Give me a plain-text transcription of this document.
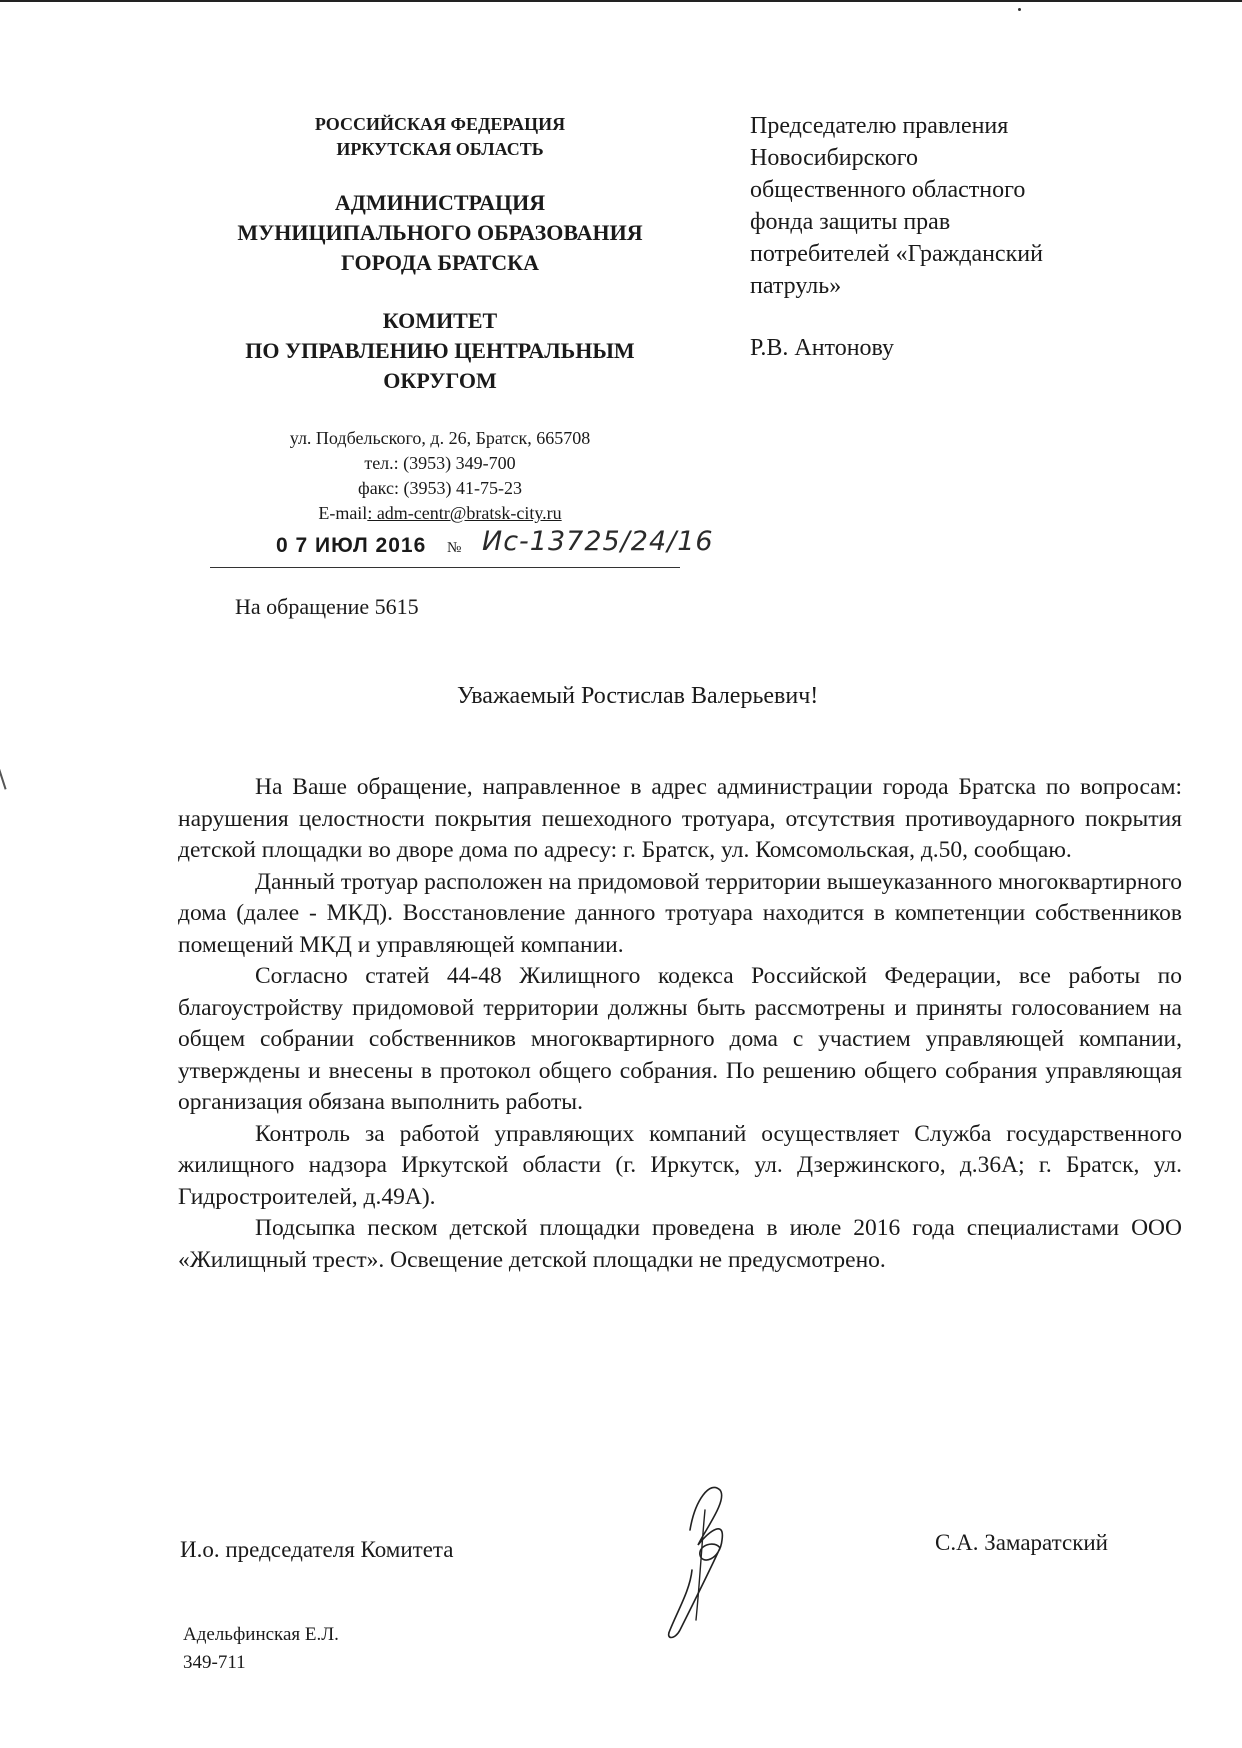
РОССИЙСКАЯ ФЕДЕРАЦИЯ
ИРКУТСКАЯ ОБЛАСТЬ
АДМИНИСТРАЦИЯ
МУНИЦИПАЛЬНОГО ОБРАЗОВАНИЯ
ГОРОДА БРАТСКА
КОМИТЕТ
ПО УПРАВЛЕНИЮ ЦЕНТРАЛЬНЫМ
ОКРУГОМ
ул. Подбельского, д. 26, Братск, 665708
тел.: (3953) 349-700
факс: (3953) 41-75-23
E-mail: adm-centr@bratsk-city.ru
0 7 ИЮЛ 2016 № Ис-13725/24/16
На обращение 5615
Председателю правления
Новосибирского
общественного областного
фонда защиты прав
потребителей «Гражданский
патруль»
Р.В. Антонову
Уважаемый Ростислав Валерьевич!

На Ваше обращение, направленное в адрес администрации города Братска по вопросам: нарушения целостности покрытия пешеходного тротуара, отсутствия противоударного покрытия детской площадки во дворе дома по адресу: г. Братск, ул. Комсомольская, д.50, сообщаю.

Данный тротуар расположен на придомовой территории вышеуказанного многоквартирного дома (далее - МКД). Восстановление данного тротуара находится в компетенции собственников помещений МКД и управляющей компании.

Согласно статей 44-48 Жилищного кодекса Российской Федерации, все работы по благоустройству придомовой территории должны быть рассмотрены и приняты голосованием на общем собрании собственников многоквартирного дома с участием управляющей компании, утверждены и внесены в протокол общего собрания. По решению общего собрания управляющая организация обязана выполнить работы.

Контроль за работой управляющих компаний осуществляет Служба государственного жилищного надзора Иркутской области (г. Иркутск, ул. Дзержинского, д.36А; г. Братск, ул. Гидростроителей, д.49А).

Подсыпка песком детской площадки проведена в июле 2016 года специалистами ООО «Жилищный трест». Освещение детской площадки не предусмотрено.

И.о. председателя Комитета	С.А. Замаратский
Адельфинская Е.Л.
349-711
